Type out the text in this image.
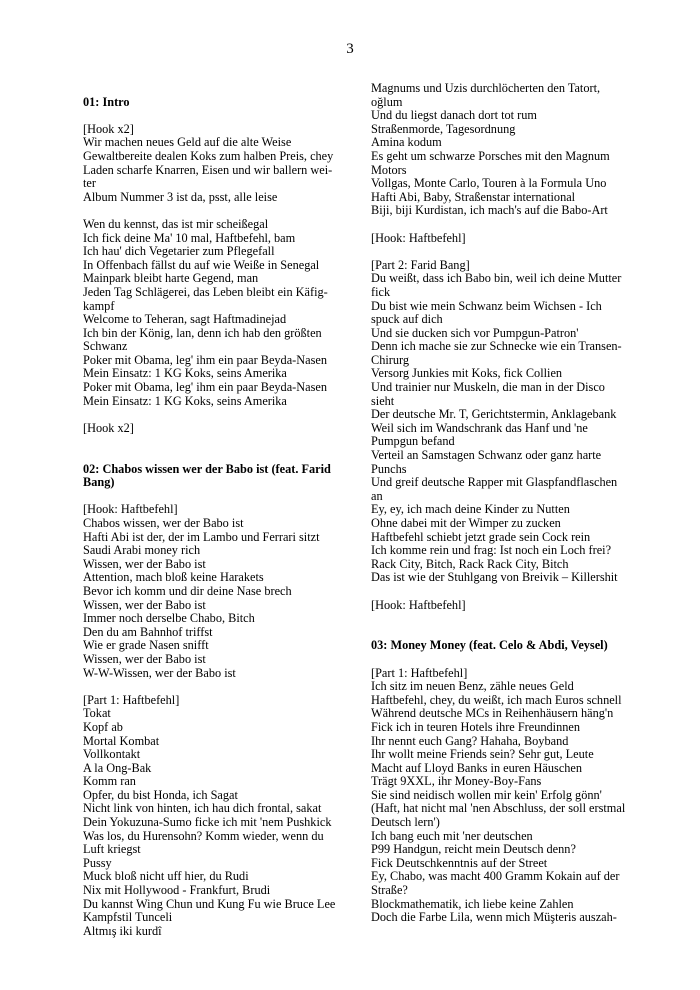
3
01: Intro
[Hook x2]
Wir machen neues Geld auf die alte Weise
Gewaltbereite dealen Koks zum halben Preis, chey
Laden scharfe Knarren, Eisen und wir ballern wei-
ter
Album Nummer 3 ist da, psst, alle leise
Wen du kennst, das ist mir scheißegal
Ich fick deine Ma' 10 mal, Haftbefehl, bam
Ich hau' dich Vegetarier zum Pflegefall
In Offenbach fällst du auf wie Weiße in Senegal
Mainpark bleibt harte Gegend, man
Jeden Tag Schlägerei, das Leben bleibt ein Käfig-
kampf
Welcome to Teheran, sagt Haftmadinejad
Ich bin der König, lan, denn ich hab den größten
Schwanz
Poker mit Obama, leg' ihm ein paar Beyda-Nasen
Mein Einsatz: 1 KG Koks, seins Amerika
Poker mit Obama, leg' ihm ein paar Beyda-Nasen
Mein Einsatz: 1 KG Koks, seins Amerika
[Hook x2]
02: Chabos wissen wer der Babo ist (feat. Farid
Bang)
[Hook: Haftbefehl]
Chabos wissen, wer der Babo ist
Hafti Abi ist der, der im Lambo und Ferrari sitzt
Saudi Arabi money rich
Wissen, wer der Babo ist
Attention, mach bloß keine Harakets
Bevor ich komm und dir deine Nase brech
Wissen, wer der Babo ist
Immer noch derselbe Chabo, Bitch
Den du am Bahnhof triffst
Wie er grade Nasen snifft
Wissen, wer der Babo ist
W-W-Wissen, wer der Babo ist
[Part 1: Haftbefehl]
Tokat
Kopf ab
Mortal Kombat
Vollkontakt
A la Ong-Bak
Komm ran
Opfer, du bist Honda, ich Sagat
Nicht link von hinten, ich hau dich frontal, sakat
Dein Yokuzuna-Sumo ficke ich mit 'nem Pushkick
Was los, du Hurensohn? Komm wieder, wenn du
Luft kriegst
Pussy
Muck bloß nicht uff hier, du Rudi
Nix mit Hollywood - Frankfurt, Brudi
Du kannst Wing Chun und Kung Fu wie Bruce Lee
Kampfstil Tunceli
Altmış iki kurdî
Magnums und Uzis durchlöcherten den Tatort,
oğlum
Und du liegst danach dort tot rum
Straßenmorde, Tagesordnung
Amina kodum
Es geht um schwarze Porsches mit den Magnum
Motors
Vollgas, Monte Carlo, Touren à la Formula Uno
Hafti Abi, Baby, Straßenstar international
Biji, biji Kurdistan, ich mach's auf die Babo-Art
[Hook: Haftbefehl]
[Part 2: Farid Bang]
Du weißt, dass ich Babo bin, weil ich deine Mutter
fick
Du bist wie mein Schwanz beim Wichsen - Ich
spuck auf dich
Und sie ducken sich vor Pumpgun-Patron'
Denn ich mache sie zur Schnecke wie ein Transen-
Chirurg
Versorg Junkies mit Koks, fick Collien
Und trainier nur Muskeln, die man in der Disco
sieht
Der deutsche Mr. T, Gerichtstermin, Anklagebank
Weil sich im Wandschrank das Hanf und 'ne
Pumpgun befand
Verteil an Samstagen Schwanz oder ganz harte
Punchs
Und greif deutsche Rapper mit Glaspfandflaschen
an
Ey, ey, ich mach deine Kinder zu Nutten
Ohne dabei mit der Wimper zu zucken
Haftbefehl schiebt jetzt grade sein Cock rein
Ich komme rein und frag: Ist noch ein Loch frei?
Rack City, Bitch, Rack Rack City, Bitch
Das ist wie der Stuhlgang von Breivik – Killershit
[Hook: Haftbefehl]
03: Money Money (feat. Celo & Abdi, Veysel)
[Part 1: Haftbefehl]
Ich sitz im neuen Benz, zähle neues Geld
Haftbefehl, chey, du weißt, ich mach Euros schnell
Während deutsche MCs in Reihenhäusern häng'n
Fick ich in teuren Hotels ihre Freundinnen
Ihr nennt euch Gang? Hahaha, Boyband
Ihr wollt meine Friends sein? Sehr gut, Leute
Macht auf Lloyd Banks in euren Häuschen
Trägt 9XXL, ihr Money-Boy-Fans
Sie sind neidisch wollen mir kein' Erfolg gönn'
(Haft, hat nicht mal 'nen Abschluss, der soll erstmal
Deutsch lern')
Ich bang euch mit 'ner deutschen
P99 Handgun, reicht mein Deutsch denn?
Fick Deutschkenntnis auf der Street
Ey, Chabo, was macht 400 Gramm Kokain auf der
Straße?
Blockmathematik, ich liebe keine Zahlen
Doch die Farbe Lila, wenn mich Müşteris auszah-
